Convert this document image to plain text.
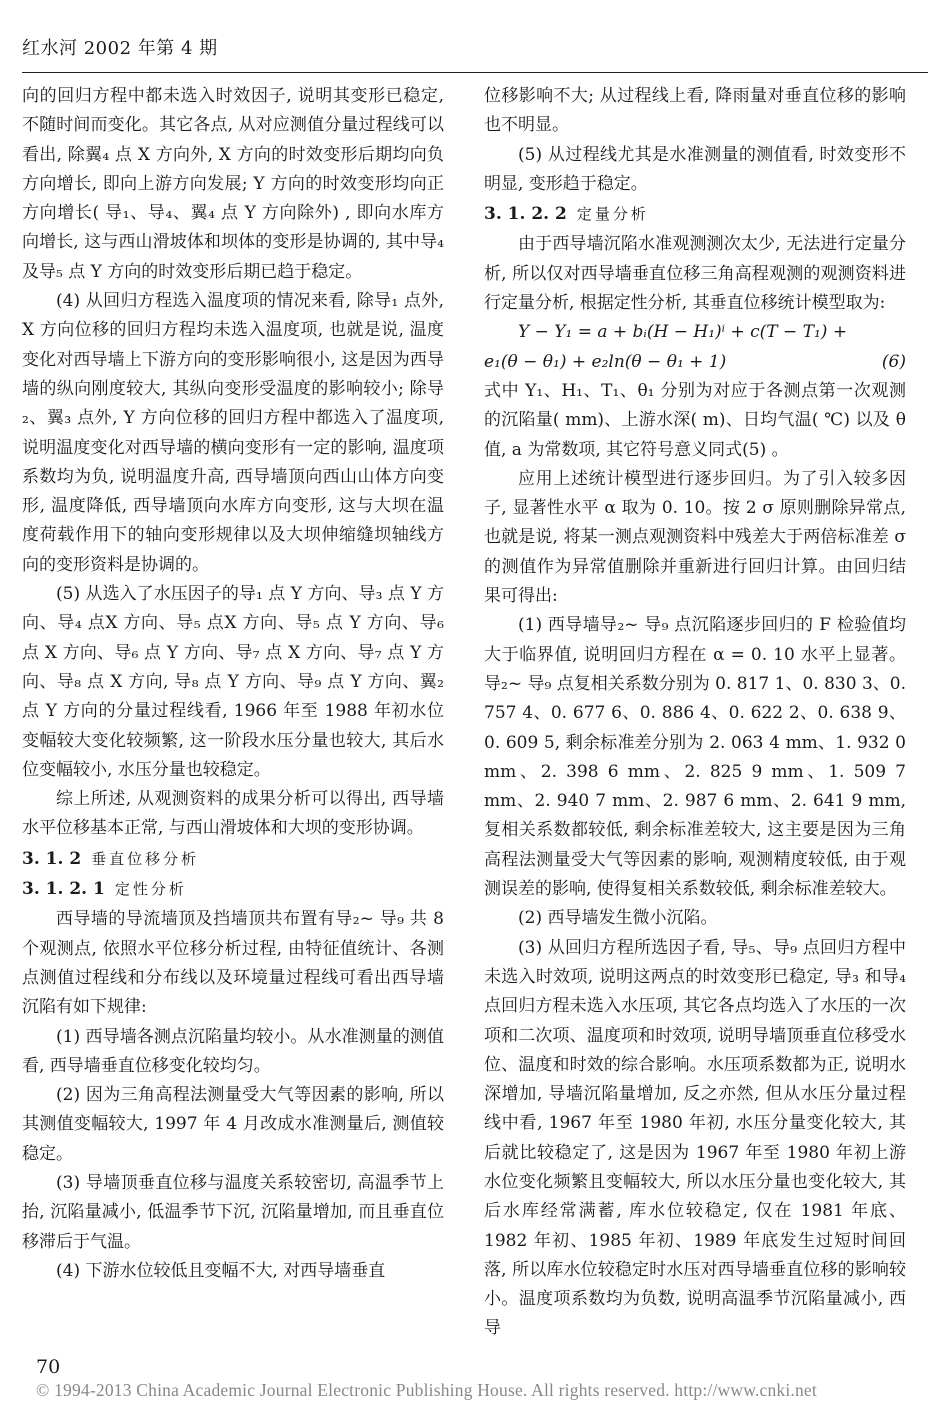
红水河 2002 年第 4 期

向的回归方程中都未选入时效因子, 说明其变形已稳定, 不随时间而变化。其它各点, 从对应测值分量过程线可以看出, 除翼₄ 点 X 方向外, X 方向的时效变形后期均向负方向增长, 即向上游方向发展; Y 方向的时效变形均向正方向增长( 导₁、导₄、翼₄ 点 Y 方向除外) , 即向水库方向增长, 这与西山滑坡体和坝体的变形是协调的, 其中导₄ 及导₅ 点 Y 方向的时效变形后期已趋于稳定。

(4) 从回归方程选入温度项的情况来看, 除导₁ 点外, X 方向位移的回归方程均未选入温度项, 也就是说, 温度变化对西导墙上下游方向的变形影响很小, 这是因为西导墙的纵向刚度较大, 其纵向变形受温度的影响较小; 除导₂、翼₃ 点外, Y 方向位移的回归方程中都选入了温度项, 说明温度变化对西导墙的横向变形有一定的影响, 温度项系数均为负, 说明温度升高, 西导墙顶向西山山体方向变形, 温度降低, 西导墙顶向水库方向变形, 这与大坝在温度荷载作用下的轴向变形规律以及大坝伸缩缝坝轴线方向的变形资料是协调的。

(5) 从选入了水压因子的导₁ 点 Y 方向、导₃ 点 Y 方向、导₄ 点X 方向、导₅ 点X 方向、导₅ 点 Y 方向、导₆ 点 X 方向、导₆ 点 Y 方向、导₇ 点 X 方向、导₇ 点 Y 方向、导₈ 点 X 方向, 导₈ 点 Y 方向、导₉ 点 Y 方向、翼₂ 点 Y 方向的分量过程线看, 1966 年至 1988 年初水位变幅较大变化较频繁, 这一阶段水压分量也较大, 其后水位变幅较小, 水压分量也较稳定。

综上所述, 从观测资料的成果分析可以得出, 西导墙水平位移基本正常, 与西山滑坡体和大坝的变形协调。

3. 1. 2 垂直位移分析

3. 1. 2. 1 定性分析

西导墙的导流墙顶及挡墙顶共布置有导₂~ 导₉ 共 8 个观测点, 依照水平位移分析过程, 由特征值统计、各测点测值过程线和分布线以及环境量过程线可看出西导墙沉陷有如下规律:

(1) 西导墙各测点沉陷量均较小。从水准测量的测值看, 西导墙垂直位移变化较均匀。

(2) 因为三角高程法测量受大气等因素的影响, 所以其测值变幅较大, 1997 年 4 月改成水准测量后, 测值较稳定。

(3) 导墙顶垂直位移与温度关系较密切, 高温季节上抬, 沉陷量减小, 低温季节下沉, 沉陷量增加, 而且垂直位移滞后于气温。

(4) 下游水位较低且变幅不大, 对西导墙垂直

位移影响不大; 从过程线上看, 降雨量对垂直位移的影响也不明显。

(5) 从过程线尤其是水准测量的测值看, 时效变形不明显, 变形趋于稳定。

3. 1. 2. 2 定量分析

由于西导墙沉陷水准观测测次太少, 无法进行定量分析, 所以仅对西导墙垂直位移三角高程观测的观测资料进行定量分析, 根据定性分析, 其垂直位移统计模型取为:

Y − Y₁ = a + bᵢ(H − H₁)ⁱ + c(T − T₁) +

(6)
e₁(θ − θ₁) + e₂ln(θ − θ₁ + 1)

式中 Y₁、H₁、T₁、θ₁ 分别为对应于各测点第一次观测的沉陷量( mm)、上游水深( m)、日均气温( ℃) 以及 θ 值, a 为常数项, 其它符号意义同式(5) 。

应用上述统计模型进行逐步回归。为了引入较多因子, 显著性水平 α 取为 0. 10。按 2 σ 原则删除异常点, 也就是说, 将某一测点观测资料中残差大于两倍标准差 σ 的测值作为异常值删除并重新进行回归计算。由回归结果可得出:

(1) 西导墙导₂~ 导₉ 点沉陷逐步回归的 F 检验值均大于临界值, 说明回归方程在 α = 0. 10 水平上显著。导₂~ 导₉ 点复相关系数分别为 0. 817 1、0. 830 3、0. 757 4、0. 677 6、0. 886 4、0. 622 2、0. 638 9、0. 609 5, 剩余标准差分别为 2. 063 4 mm、1. 932 0 mm、2. 398 6 mm、2. 825 9 mm、1. 509 7 mm、2. 940 7 mm、2. 987 6 mm、2. 641 9 mm, 复相关系数都较低, 剩余标准差较大, 这主要是因为三角高程法测量受大气等因素的影响, 观测精度较低, 由于观测误差的影响, 使得复相关系数较低, 剩余标准差较大。

(2) 西导墙发生微小沉陷。

(3) 从回归方程所选因子看, 导₅、导₉ 点回归方程中未选入时效项, 说明这两点的时效变形已稳定, 导₃ 和导₄ 点回归方程未选入水压项, 其它各点均选入了水压的一次项和二次项、温度项和时效项, 说明导墙顶垂直位移受水位、温度和时效的综合影响。水压项系数都为正, 说明水深增加, 导墙沉陷量增加, 反之亦然, 但从水压分量过程线中看, 1967 年至 1980 年初, 水压分量变化较大, 其后就比较稳定了, 这是因为 1967 年至 1980 年初上游水位变化频繁且变幅较大, 所以水压分量也变化较大, 其后水库经常满蓄, 库水位较稳定, 仅在 1981 年底、1982 年初、1985 年初、1989 年底发生过短时间回落, 所以库水位较稳定时水压对西导墙垂直位移的影响较小。温度项系数均为负数, 说明高温季节沉陷量减小, 西导

70
© 1994-2013 China Academic Journal Electronic Publishing House. All rights reserved. http://www.cnki.net
